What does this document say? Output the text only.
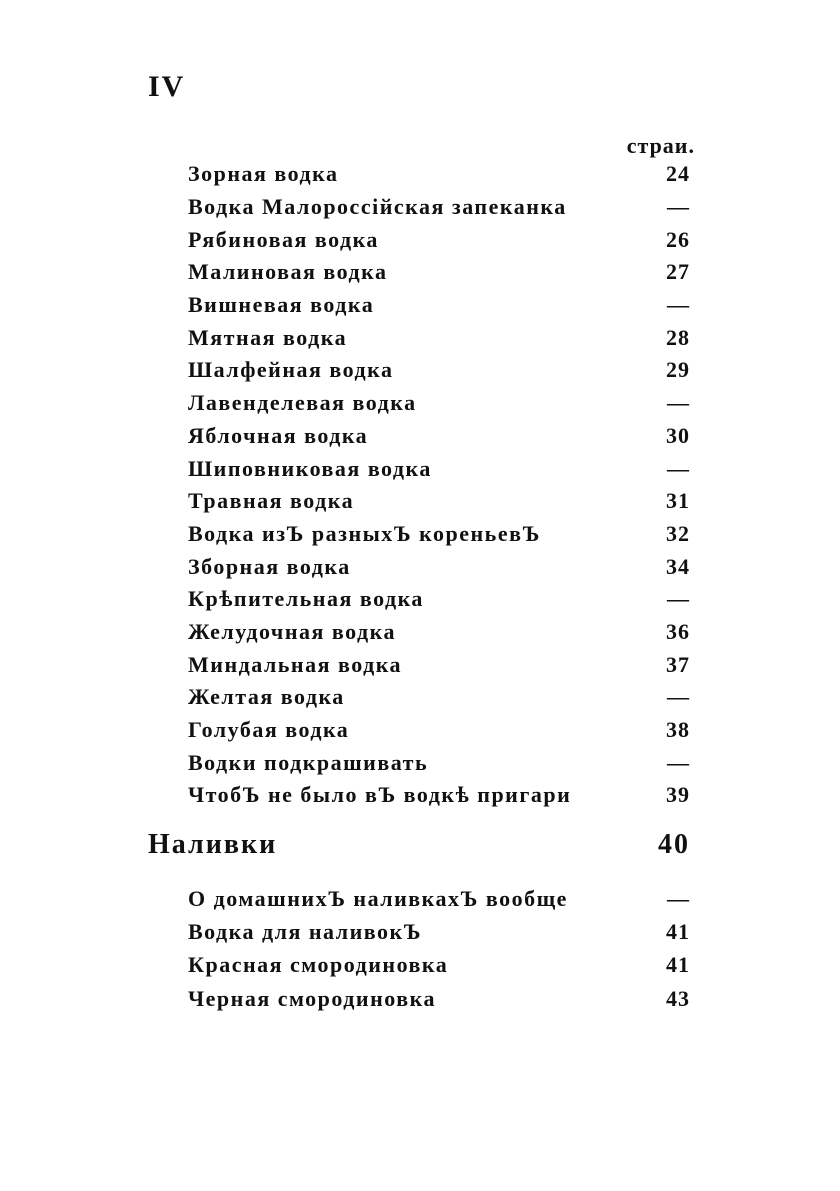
IV
страи.
Зорная водка	24
Водка Малороссійская запеканка	—
Рябиновая водка	26
Малиновая водка	27
Вишневая водка	—
Мятная водка	28
Шалфейная водка	29
Лавенделевая водка	—
Яблочная водка	30
Шиповниковая водка	—
Травная водка	31
Водка изЪ разныхЪ кореньевЪ	32
Зборная водка	34
Крѣпительная водка	—
Желудочная водка	36
Миндальная водка	37
Желтая водка	—
Голубая водка	38
Водки подкрашивать	—
ЧтобЪ не было вЪ водкѣ пригари	39
Наливки	40
О домашнихЪ наливкахЪ вообще	—
Водка для наливокЪ	41
Красная смородиновка	41
Черная смородиновка	43
